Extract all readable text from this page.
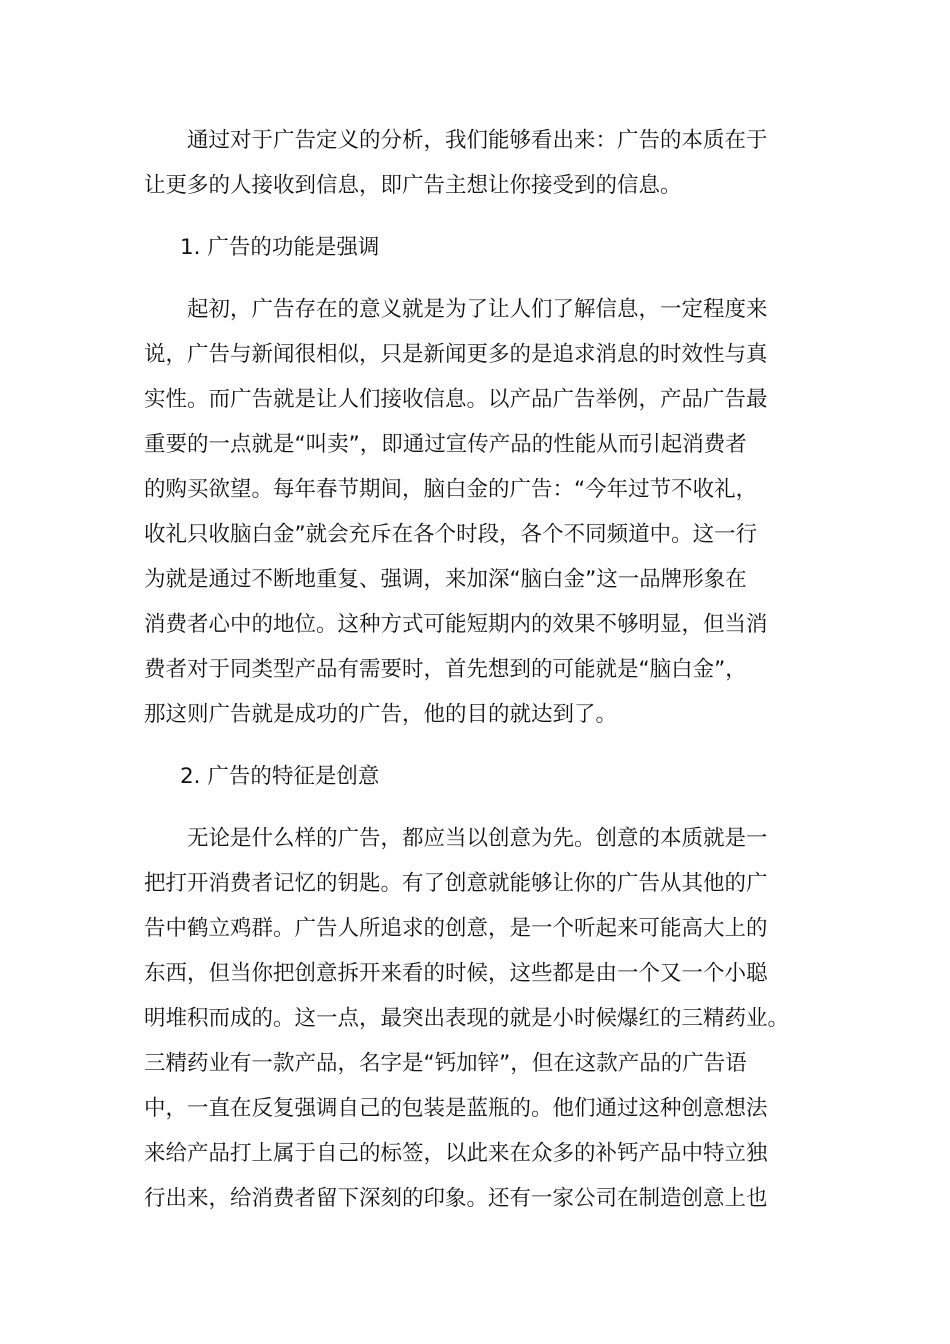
通过对于广告定义的分析，我们能够看出来：广告的本质在于
让更多的人接收到信息，即广告主想让你接受到的信息。
1. 广告的功能是强调
起初，广告存在的意义就是为了让人们了解信息，一定程度来
说，广告与新闻很相似，只是新闻更多的是追求消息的时效性与真
实性。而广告就是让人们接收信息。以产品广告举例，产品广告最
重要的一点就是“叫卖”，即通过宣传产品的性能从而引起消费者
的购买欲望。每年春节期间，脑白金的广告：“今年过节不收礼，
收礼只收脑白金”就会充斥在各个时段，各个不同频道中。这一行
为就是通过不断地重复、强调，来加深“脑白金”这一品牌形象在
消费者心中的地位。这种方式可能短期内的效果不够明显，但当消
费者对于同类型产品有需要时，首先想到的可能就是“脑白金”，
那这则广告就是成功的广告，他的目的就达到了。
2. 广告的特征是创意
无论是什么样的广告，都应当以创意为先。创意的本质就是一
把打开消费者记忆的钥匙。有了创意就能够让你的广告从其他的广
告中鹤立鸡群。广告人所追求的创意，是一个听起来可能高大上的
东西，但当你把创意拆开来看的时候，这些都是由一个又一个小聪
明堆积而成的。这一点，最突出表现的就是小时候爆红的三精药业。
三精药业有一款产品，名字是“钙加锌”，但在这款产品的广告语
中，一直在反复强调自己的包装是蓝瓶的。他们通过这种创意想法
来给产品打上属于自己的标签，以此来在众多的补钙产品中特立独
行出来，给消费者留下深刻的印象。还有一家公司在制造创意上也
